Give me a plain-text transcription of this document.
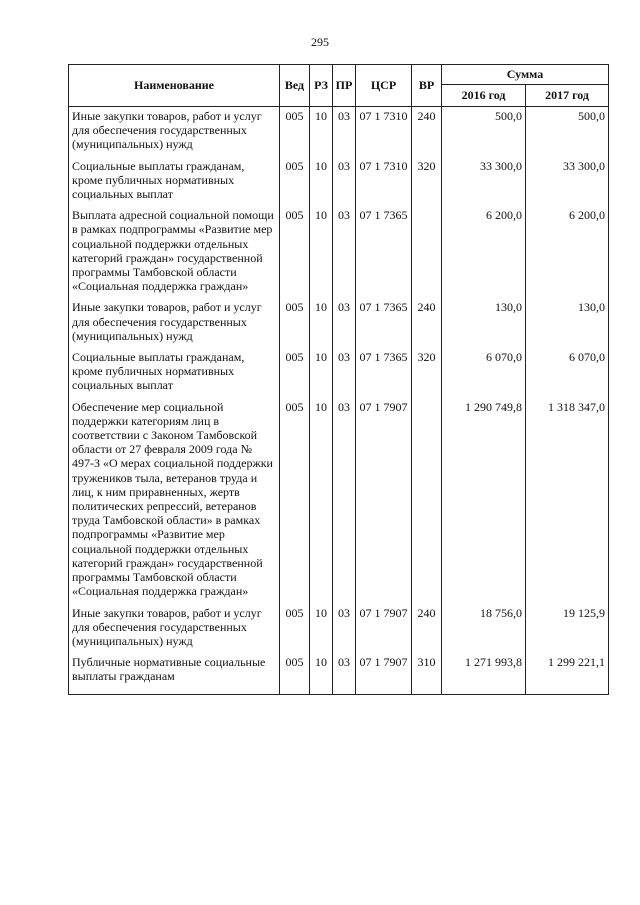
295
Наименование	Вед	РЗ	ПР	ЦСР	ВР	Сумма	
						2016 год	2017 год
Иные закупки товаров, работ и услуг для обеспечения государственных (муниципальных) нужд	005	10	03	07 1 7310	240	500,0	500,0
Социальные выплаты гражданам, кроме публичных нормативных социальных выплат	005	10	03	07 1 7310	320	33 300,0	33 300,0
Выплата адресной социальной помощи в рамках подпрограммы «Развитие мер социальной поддержки отдельных категорий граждан» государственной программы Тамбовской области «Социальная поддержка граждан»	005	10	03	07 1 7365		6 200,0	6 200,0
Иные закупки товаров, работ и услуг для обеспечения государственных (муниципальных) нужд	005	10	03	07 1 7365	240	130,0	130,0
Социальные выплаты гражданам, кроме публичных нормативных социальных выплат	005	10	03	07 1 7365	320	6 070,0	6 070,0
Обеспечение мер социальной поддержки категориям лиц в соответствии с Законом Тамбовской области от 27 февраля 2009 года № 497-З «О мерах социальной поддержки тружеников тыла, ветеранов труда и лиц, к ним приравненных, жертв политических репрессий, ветеранов труда Тамбовской области» в рамках подпрограммы «Развитие мер социальной поддержки отдельных категорий граждан» государственной программы Тамбовской области «Социальная поддержка граждан»	005	10	03	07 1 7907		1 290 749,8	1 318 347,0
Иные закупки товаров, работ и услуг для обеспечения государственных (муниципальных) нужд	005	10	03	07 1 7907	240	18 756,0	19 125,9
Публичные нормативные социальные выплаты гражданам	005	10	03	07 1 7907	310	1 271 993,8	1 299 221,1
